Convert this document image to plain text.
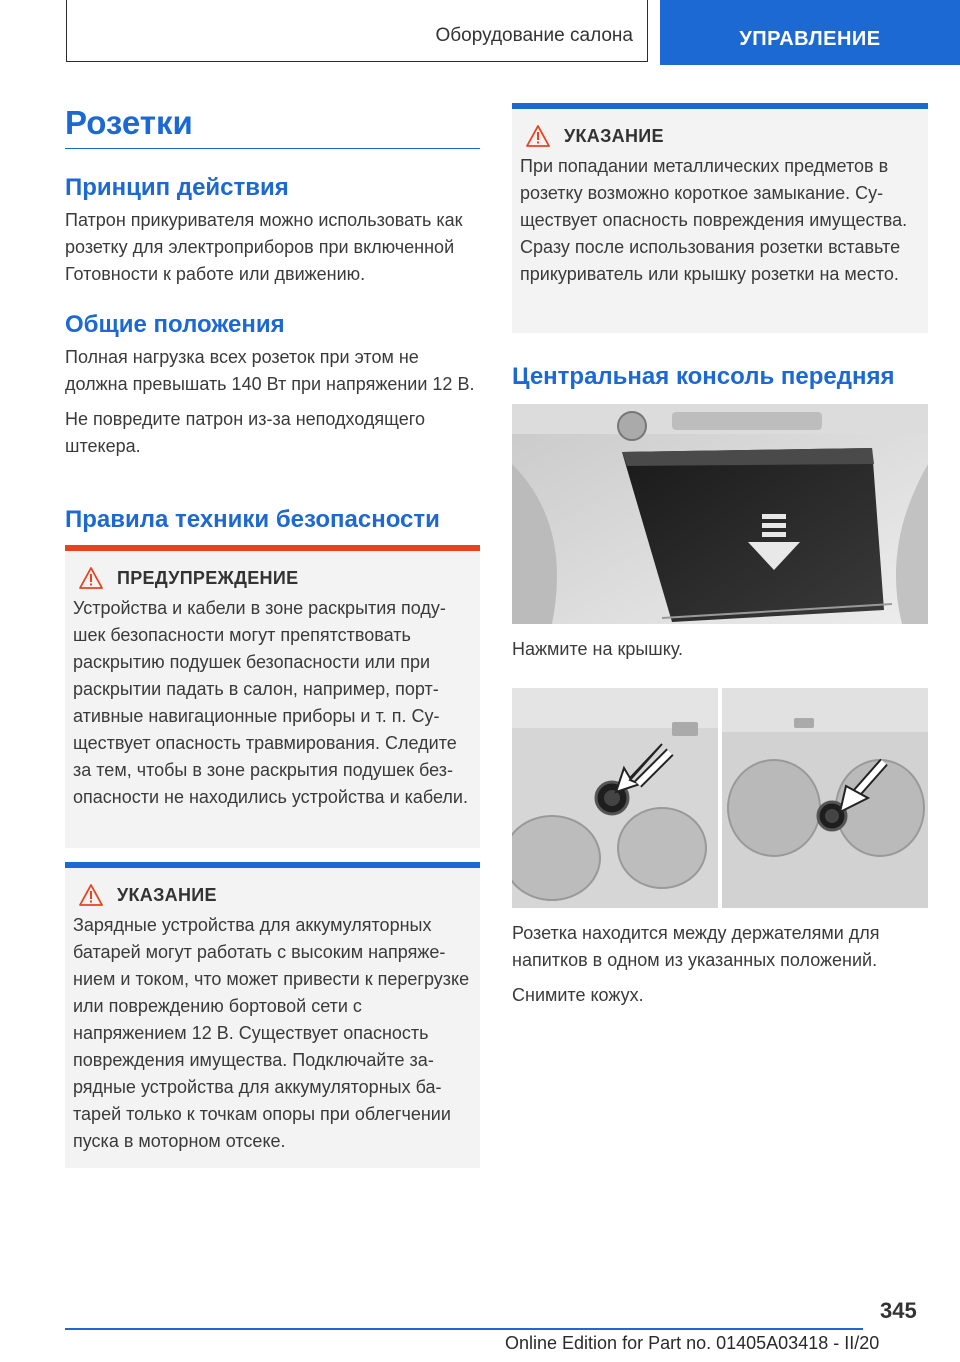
Оборудование салона	УПРАВЛЕНИЕ
Розетки
Принцип действия

Патрон прикуривателя можно использовать как розетку для электроприборов при включенной Готовности к работе или движению.

Общие положения

Полная нагрузка всех розеток при этом не должна превышать 140 Вт при напряжении 12 В.

Не повредите патрон из-за неподходящего штекера.

Правила техники безопасности
ПРЕДУПРЕЖДЕНИЕ

Устройства и кабели в зоне раскрытия подушек безопасности могут препятствовать раскрытию подушек безопасности или при раскрытии падать в салон, например, портативные навигационные приборы и т. п. Существует опасность травмирования. Следите за тем, чтобы в зоне раскрытия подушек безопасности не находились устройства и кабели.

УКАЗАНИЕ

Зарядные устройства для аккумуляторных батарей могут работать с высоким напряжением и током, что может привести к перегрузке или повреждению бортовой сети с напряжением 12 В. Существует опасность повреждения имущества. Подключайте зарядные устройства для аккумуляторных батарей только к точкам опоры при облегчении пуска в моторном отсеке.

УКАЗАНИЕ

При попадании металлических предметов в розетку возможно короткое замыкание. Существует опасность повреждения имущества. Сразу после использования розетки вставьте прикуриватель или крышку розетки на место.

Центральная консоль передняя

Нажмите на крышку.

Розетка находится между держателями для напитков в одном из указанных положений.

Снимите кожух.

345
Online Edition for Part no. 01405A03418 - II/20
